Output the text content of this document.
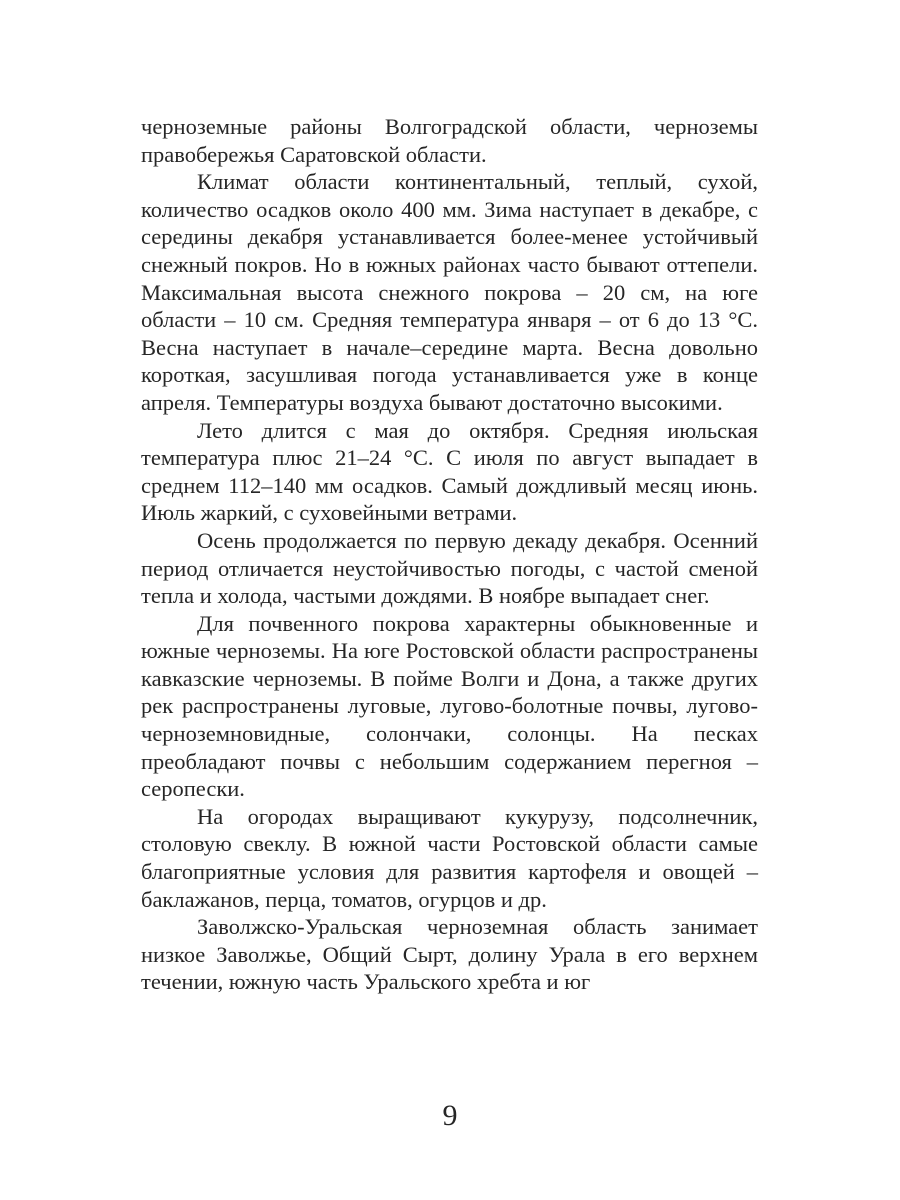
черноземные районы Волгоградской области, черноземы правобережья Саратовской области.

Климат области континентальный, теплый, сухой, количество осадков около 400 мм. Зима наступает в декабре, с середины декабря устанавливается более-менее устойчивый снежный покров. Но в южных районах часто бывают оттепели. Максимальная высота снежного покрова – 20 см, на юге области – 10 см. Средняя температура января – от 6 до 13 °С. Весна наступает в начале–середине марта. Весна довольно короткая, засушливая погода устанавливается уже в конце апреля. Температуры воздуха бывают достаточно высокими.

Лето длится с мая до октября. Средняя июльская температура плюс 21–24 °С. С июля по август выпадает в среднем 112–140 мм осадков. Самый дождливый месяц июнь. Июль жаркий, с суховейными ветрами.

Осень продолжается по первую декаду декабря. Осенний период отличается неустойчивостью погоды, с частой сменой тепла и холода, частыми дождями. В ноябре выпадает снег.

Для почвенного покрова характерны обыкновенные и южные черноземы. На юге Ростовской области распространены кавказские черноземы. В пойме Волги и Дона, а также других рек распространены луговые, лугово-болотные почвы, лугово-черноземновидные, солончаки, солонцы. На песках преобладают почвы с небольшим содержанием перегноя – серопески.

На огородах выращивают кукурузу, подсолнечник, столовую свеклу. В южной части Ростовской области самые благоприятные условия для развития картофеля и овощей – баклажанов, перца, томатов, огурцов и др.

Заволжско-Уральская черноземная область занимает низкое Заволжье, Общий Сырт, долину Урала в его верхнем течении, южную часть Уральского хребта и юг

9
